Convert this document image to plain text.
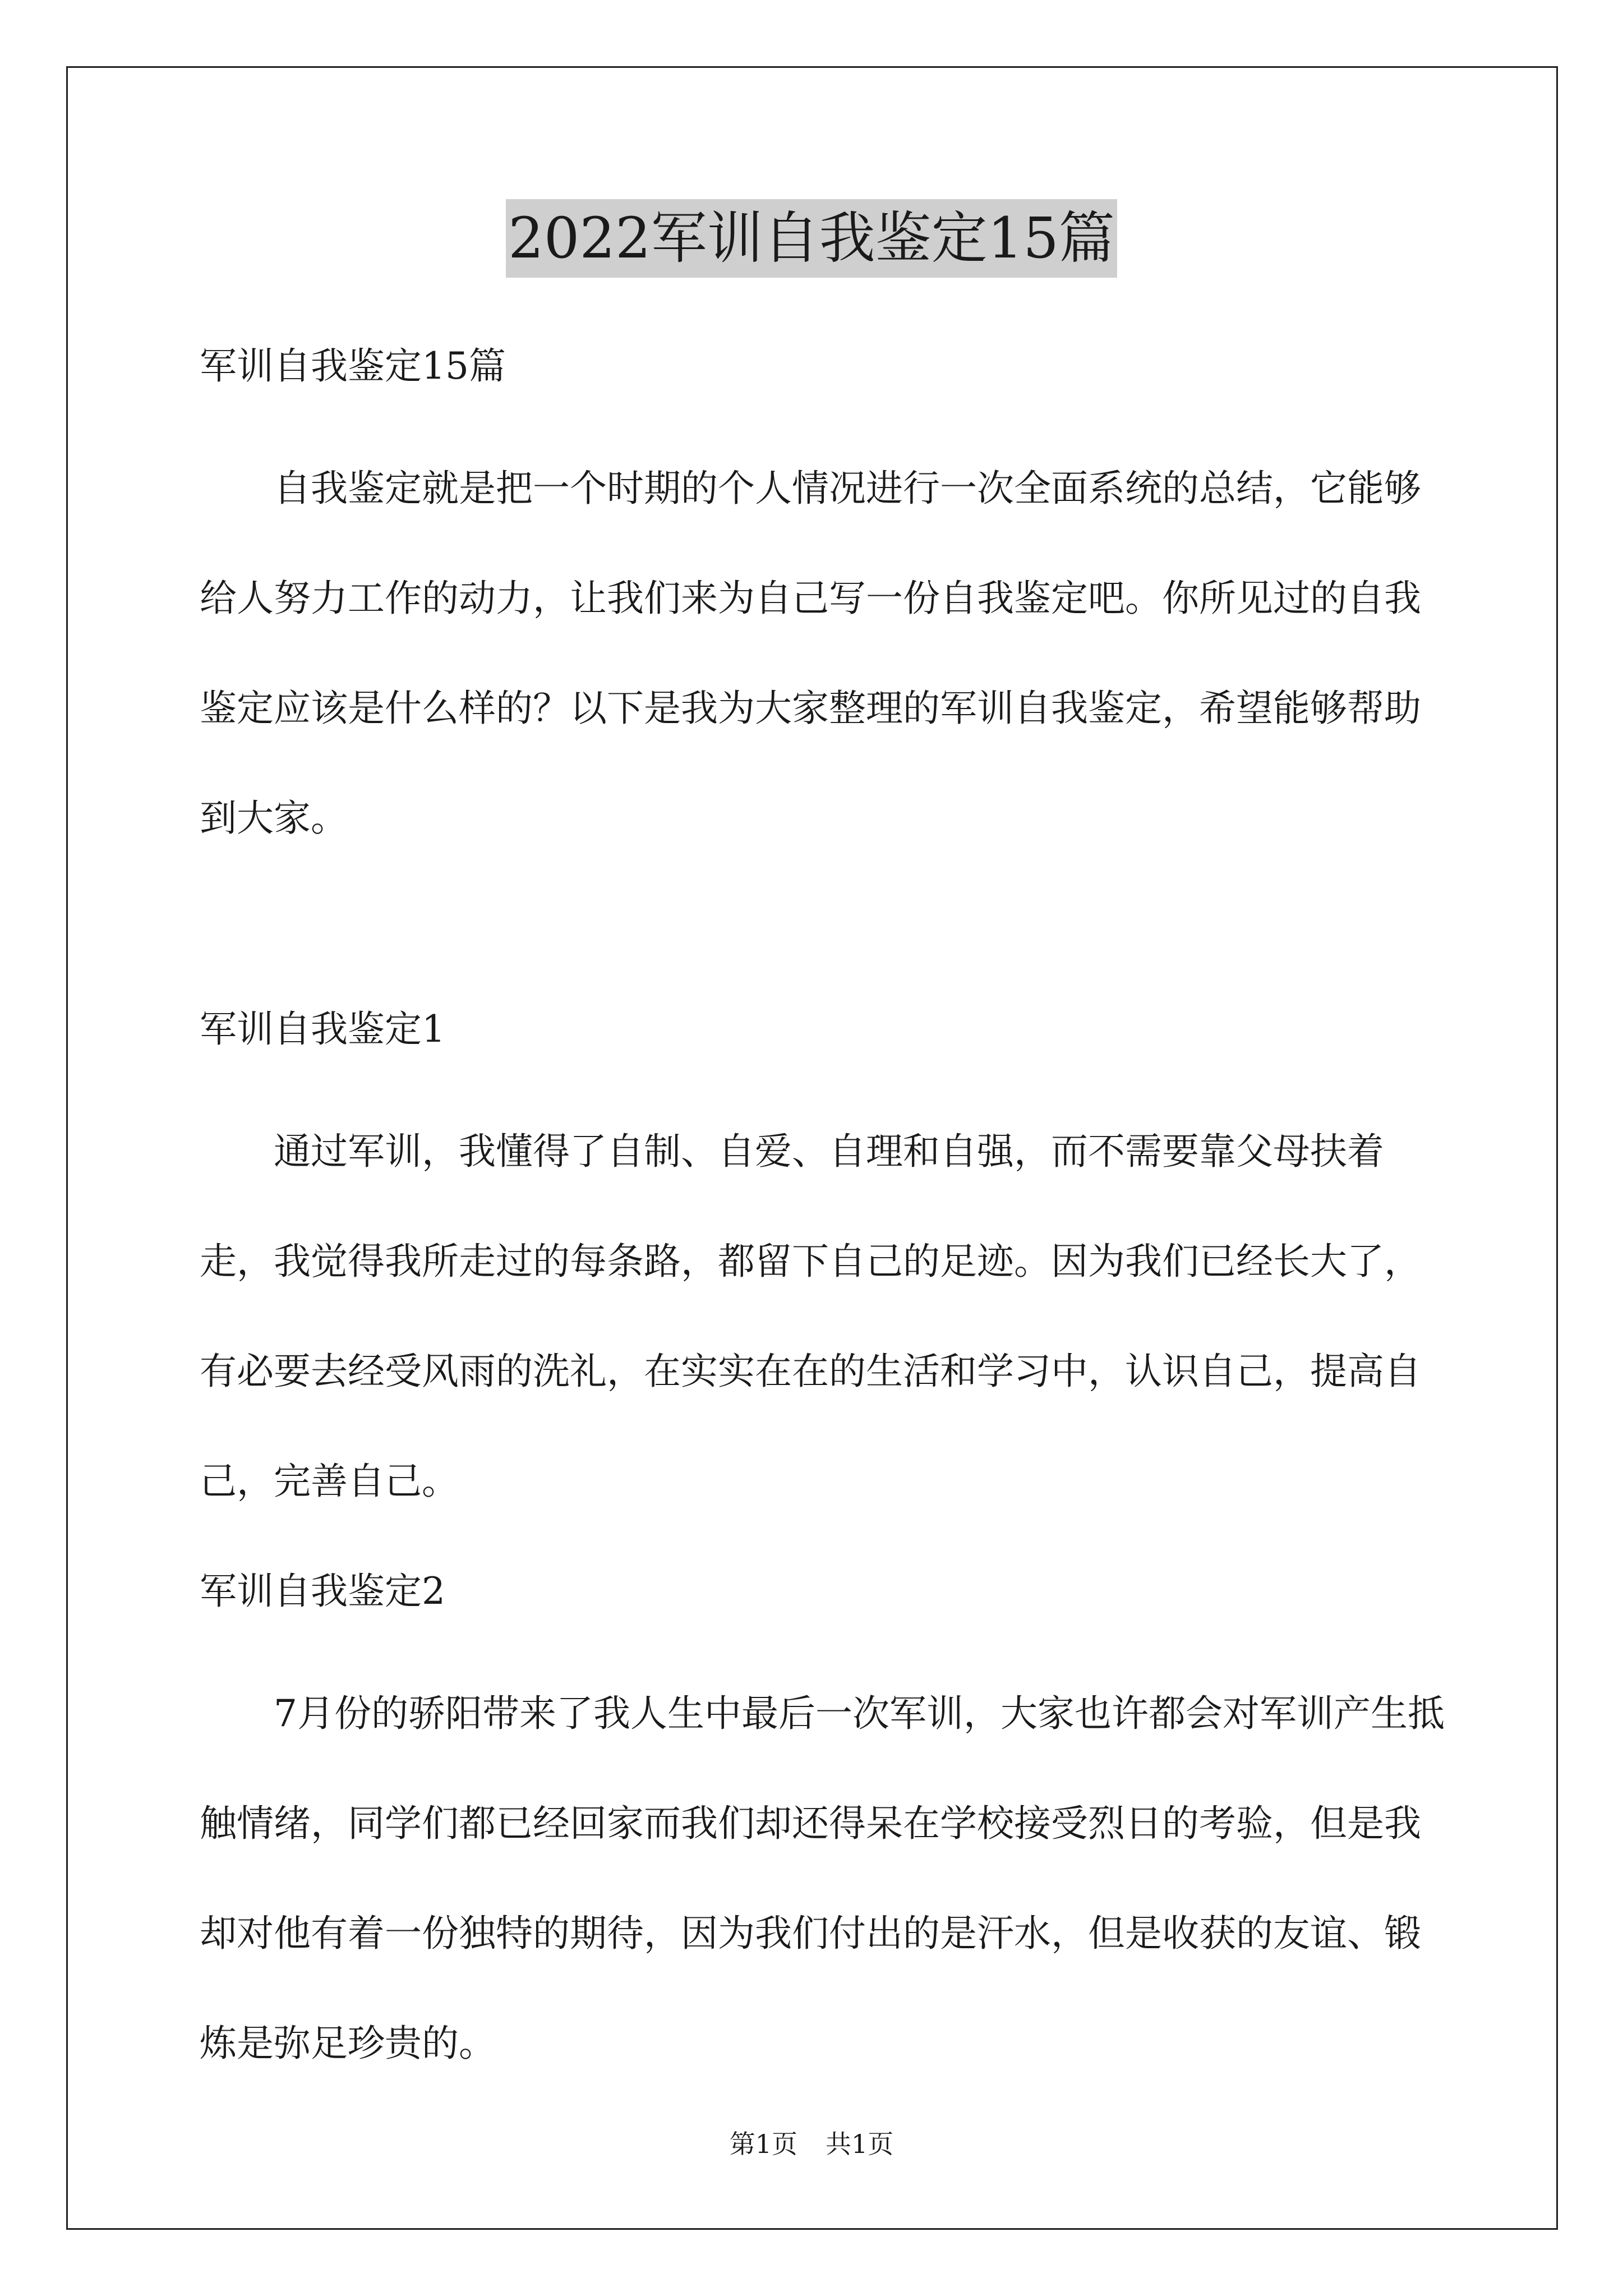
2022军训自我鉴定15篇

军训自我鉴定15篇

自我鉴定就是把一个时期的个人情况进行一次全面系统的总结，它能够给人努力工作的动力，让我们来为自己写一份自我鉴定吧。你所见过的自我鉴定应该是什么样的？以下是我为大家整理的军训自我鉴定，希望能够帮助到大家。

军训自我鉴定1

通过军训，我懂得了自制、自爱、自理和自强，而不需要靠父母扶着走，我觉得我所走过的每条路，都留下自己的足迹。因为我们已经长大了，有必要去经受风雨的洗礼，在实实在在的生活和学习中，认识自己，提高自己，完善自己。

军训自我鉴定2

7月份的骄阳带来了我人生中最后一次军训，大家也许都会对军训产生抵触情绪，同学们都已经回家而我们却还得呆在学校接受烈日的考验，但是我却对他有着一份独特的期待，因为我们付出的是汗水，但是收获的友谊、锻炼是弥足珍贵的。

第1页 共1页
